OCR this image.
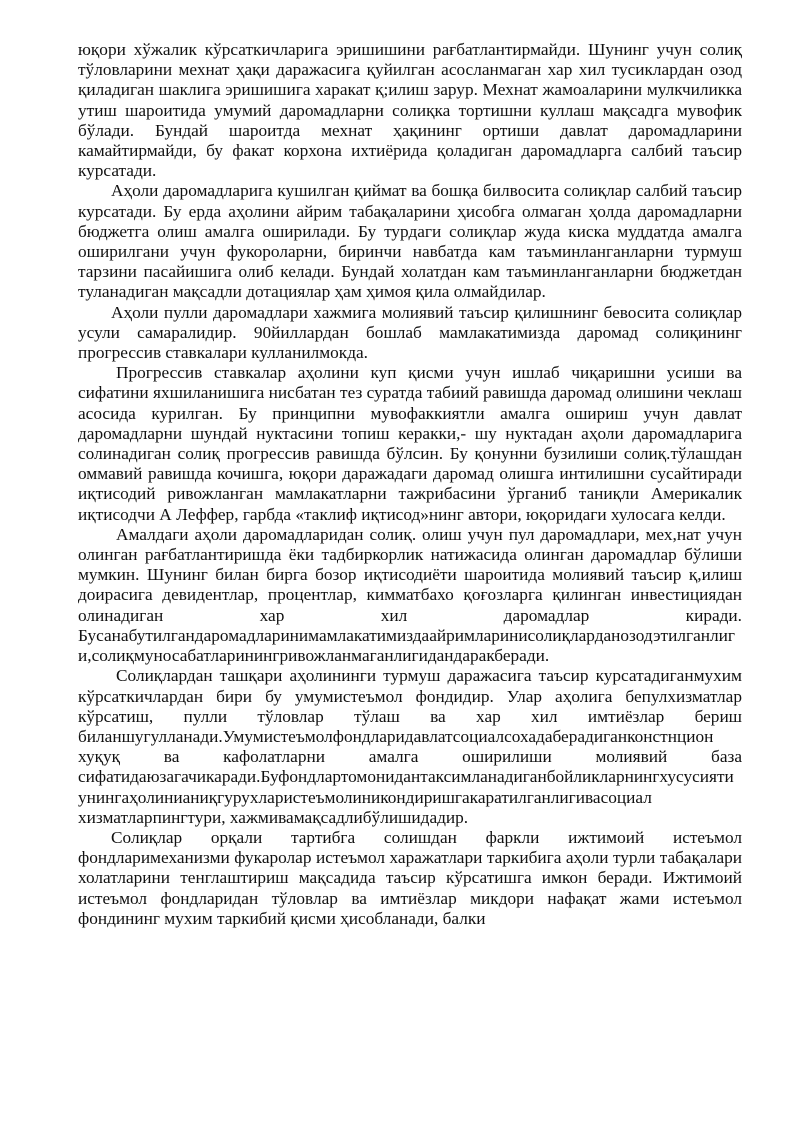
юқори хўжалик кўрсаткичларига эришишини рағбатлантирмайди. Шунинг учун солиқ тўловларини мехнат ҳақи даражасига қуйилган асосланмаган хар хил тусиклардан озод қиладиган шаклига эришишига харакат қ;илиш зарур. Мехнат жамоаларини мулкчиликка утиш шароитида умумий даромадларни солиқка тортишни куллаш мақсадга мувофик бўлади. Бундай шароитда мехнат ҳақининг ортиши давлат даромадларини камайтирмайди, бу факат корхона ихтиёрида қоладиган даромадларга салбий таъсир курсатади.

Аҳоли даромадларига кушилган қиймат ва бошқа билвосита солиқлар салбий таъсир курсатади. Бу ерда аҳолини айрим табақаларини ҳисобга олмаган ҳолда даромадларни бюджетга олиш амалга оширилади. Бу турдаги солиқлар жуда киска муддатда амалга оширилгани учун фукороларни, биринчи навбатда кам таъминланганларни турмуш тарзини пасайишига олиб келади. Бундай холатдан кам таъминланганларни бюджетдан туланадиган мақсадли дотациялар ҳам ҳимоя қила олмайдилар.

Аҳоли пулли даромадлари хажмига молиявий таъсир қилишнинг бевосита солиқлар усули самаралидир. 90йиллардан бошлаб мамлакатимизда даромад солиқининг прогрессив ставкалари кулланилмокда.

Прогрессив ставкалар аҳолини куп қисми учун ишлаб чиқаришни усиши ва сифатини яхшиланишига нисбатан тез суратда табиий равишда даромад олишини чеклаш асосида курилган. Бу принципни мувофаккиятли амалга ошириш учун давлат даромадларни шундай нуктасини топиш керакки,- шу нуктадан аҳоли даромадларига солинадиган солиқ прогрессив равишда бўлсин. Бу қонунни бузилиши солиқ.тўлашдан оммавий равишда кочишга, юқори даражадаги даромад олишга интилишни сусайтиради иқтисодий ривожланган мамлакатларни тажрибасини ўрганиб таниқли Америкалик иқтисодчи А Леффер, гарбда «таклиф иқтисод»нинг автори, юқоридаги хулосага келди.

Амалдаги аҳоли даромадларидан солиқ. олиш учун пул даромадлари, мех,нат учун олинган рағбатлантиришда ёки тадбиркорлик натижасида олинган даромадлар бўлиши мумкин. Шунинг билан бирга бозор иқтисодиёти шароитида молиявий таъсир қ,илиш доирасига девидентлар, процентлар, кимматбахо қоғозларга қилинган инвестициядан олинадиган хар хил даромадлар киради. Бусанабутилгандаромадларинимамлакатимиздаайримларинисолиқларданозодэтилганлиги,солиқмуносабатларинингривожланмаганлигидандаракберади.

Солиқлардан ташқари аҳолининги турмуш даражасига таъсир курсатадиганмухим кўрсаткичлардан бири бу умумистеъмол фондидир. Улар аҳолига бепулхизматлар кўрсатиш, пулли тўловлар тўлаш ва хар хил имтиёзлар бериш биланшугулланади.Умумистеъмолфондларидавлатсоциалсохадаберадиганконстнцион хуқуқ ва кафолатларни амалга оширилиши молиявий база сифатидаюзагачикаради.Буфондлартомонидантаксимланадиганбойликларнингхусусияти унингаҳолинианиқгурухларистеъмолиникондиришгакаратилганлигивасоциал хизматларпингтури, хажмивамақсадлибўлишидадир.

Солиқлар орқали тартибга солишдан фаркли ижтимоий истеъмол фондларимеханизми фукаролар истеъмол харажатлари таркибига аҳоли турли табақалари холатларини тенглаштириш мақсадида таъсир кўрсатишга имкон беради. Ижтимоий истеъмол фондларидан тўловлар ва имтиёзлар микдори нафақат жами истеъмол фондининг мухим таркибий қисми ҳисобланади, балки
